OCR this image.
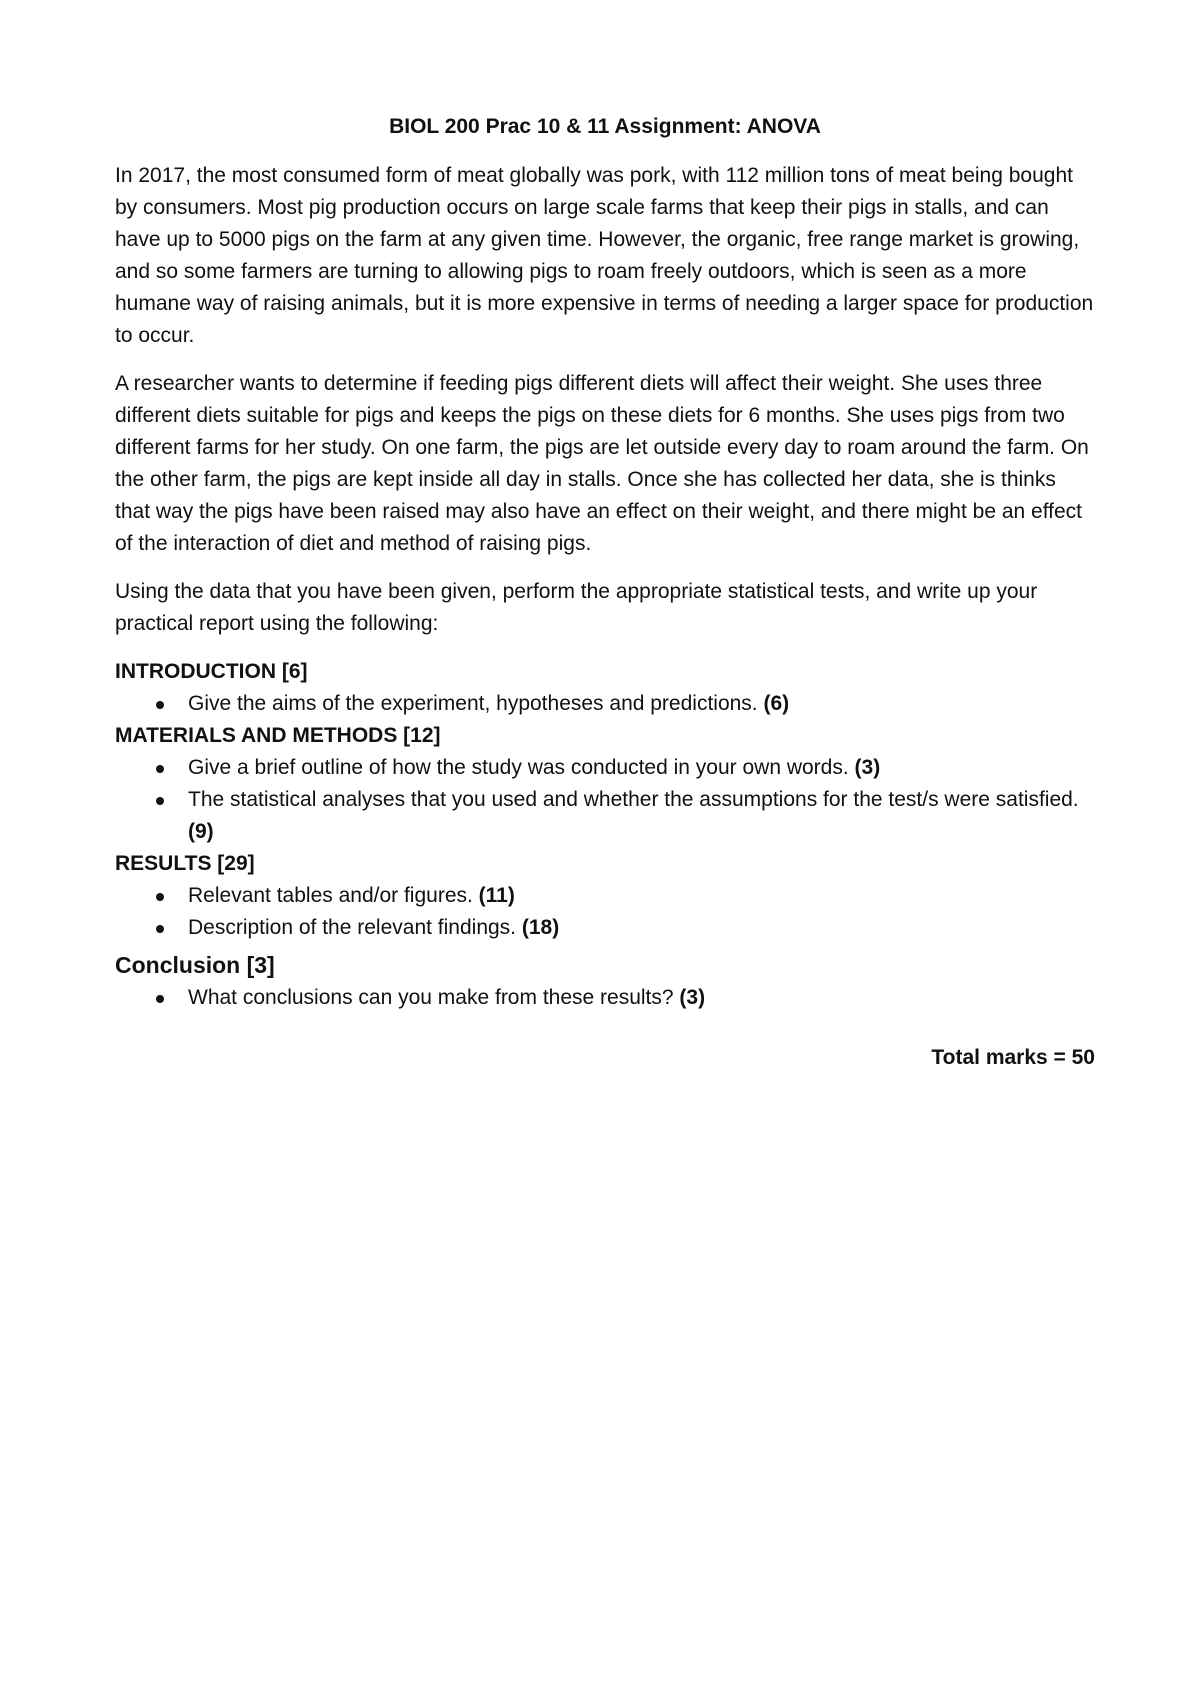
BIOL 200 Prac 10 & 11 Assignment: ANOVA

In 2017, the most consumed form of meat globally was pork, with 112 million tons of meat being bought by consumers. Most pig production occurs on large scale farms that keep their pigs in stalls, and can have up to 5000 pigs on the farm at any given time. However, the organic, free range market is growing, and so some farmers are turning to allowing pigs to roam freely outdoors, which is seen as a more humane way of raising animals, but it is more expensive in terms of needing a larger space for production to occur.

A researcher wants to determine if feeding pigs different diets will affect their weight. She uses three different diets suitable for pigs and keeps the pigs on these diets for 6 months. She uses pigs from two different farms for her study. On one farm, the pigs are let outside every day to roam around the farm. On the other farm, the pigs are kept inside all day in stalls. Once she has collected her data, she is thinks that way the pigs have been raised may also have an effect on their weight, and there might be an effect of the interaction of diet and method of raising pigs.

Using the data that you have been given, perform the appropriate statistical tests, and write up your practical report using the following:

INTRODUCTION [6]
Give the aims of the experiment, hypotheses and predictions. (6)
MATERIALS AND METHODS [12]
Give a brief outline of how the study was conducted in your own words. (3)
The statistical analyses that you used and whether the assumptions for the test/s were satisfied. (9)
RESULTS [29]
Relevant tables and/or figures. (11)
Description of the relevant findings. (18)
Conclusion [3]
What conclusions can you make from these results? (3)
Total marks = 50
